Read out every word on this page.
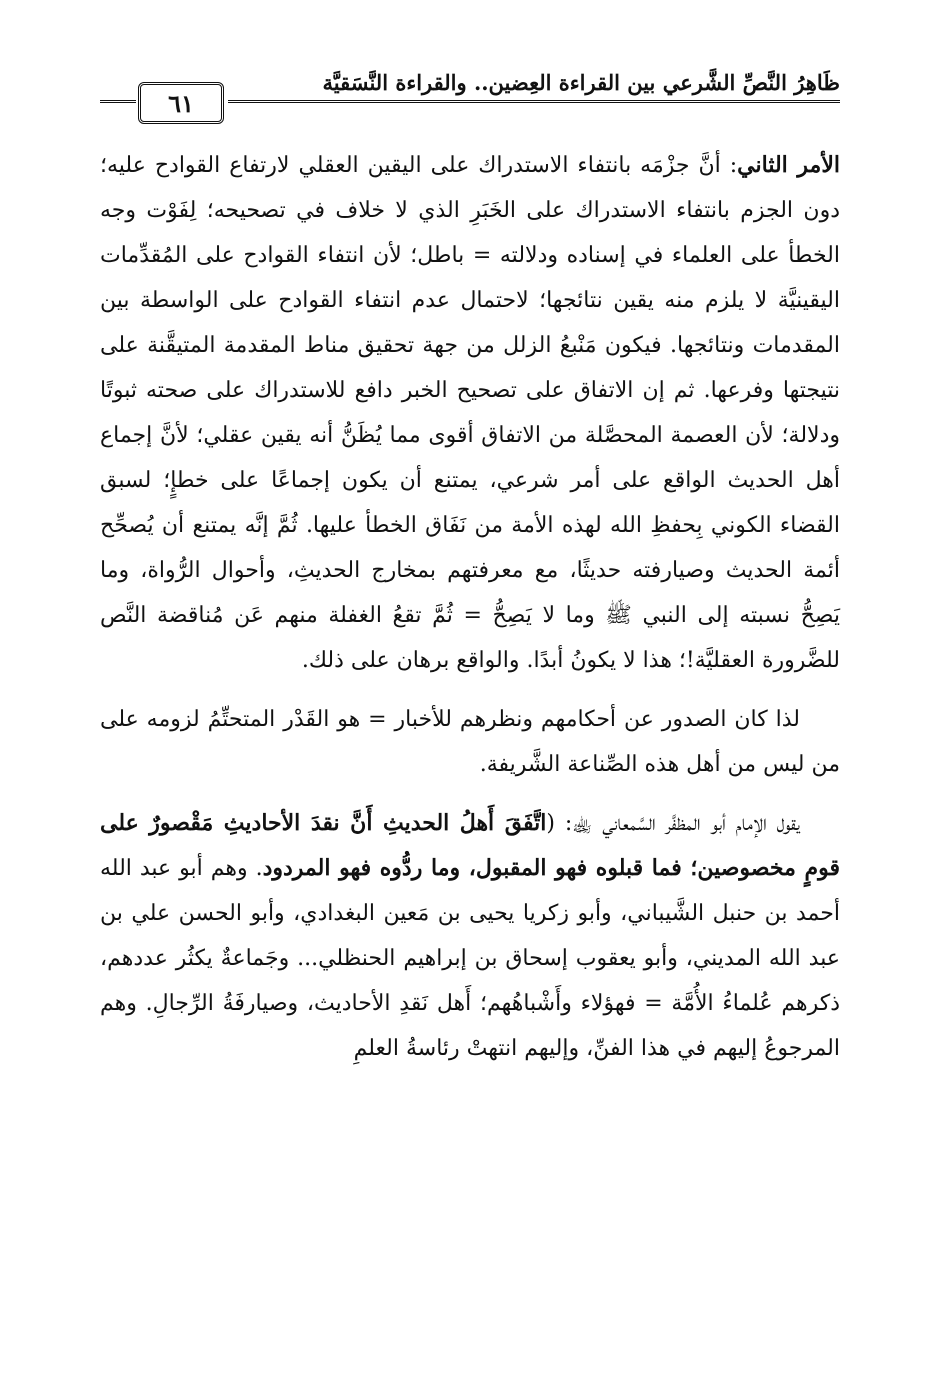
ظَاهِرُ النَّصِّ الشَّرعي بين القراءة العِضين.. والقراءة النَّسَقيَّة
٦١

الأمر الثاني: أنَّ جزْمَه بانتفاء الاستدراك على اليقين العقلي لارتفاع القوادح عليه؛ دون الجزم بانتفاء الاستدراك على الخَبَرِ الذي لا خلاف في تصحيحه؛ لِفَوْت وجه الخطأ على العلماء في إسناده ودلالته = باطل؛ لأن انتفاء القوادح على المُقدِّمات اليقينيَّة لا يلزم منه يقين نتائجها؛ لاحتمال عدم انتفاء القوادح على الواسطة بين المقدمات ونتائجها. فيكون مَنْبعُ الزلل من جهة تحقيق مناط المقدمة المتيقَّنة على نتيجتها وفرعها. ثم إن الاتفاق على تصحيح الخبر دافع للاستدراك على صحته ثبوتًا ودلالة؛ لأن العصمة المحصَّلة من الاتفاق أقوى مما يُظَنُّ أنه يقين عقلي؛ لأنَّ إجماع أهل الحديث الواقع على أمر شرعي، يمتنع أن يكون إجماعًا على خطإٍ؛ لسبق القضاء الكوني بِحفظِ الله لهذه الأمة من نَفَاق الخطأ عليها. ثُمَّ إنَّه يمتنع أن يُصحِّح أئمة الحديث وصيارفته حديثًا، مع معرفتهم بمخارج الحديثِ، وأحوال الرُّواة، وما يَصِحُّ نسبته إلى النبي ﷺ وما لا يَصِحُّ = ثُمَّ تقعُ الغفلة منهم عَن مُناقضة النَّص للضَّرورة العقليَّة!؛ هذا لا يكونُ أبدًا. والواقع برهان على ذلك.

لذا كان الصدور عن أحكامهم ونظرهم للأخبار = هو القَدْر المتحتِّمُ لزومه على من ليس من أهل هذه الصِّناعة الشَّريفة.

يقول الإمام أبو المظفَّر السَّمعاني ﵀: (اتَّفَقَ أَهلُ الحديثِ أَنَّ نقدَ الأحاديثِ مَقْصورٌ على قومٍ مخصوصين؛ فما قبلوه فهو المقبول، وما ردُّوه فهو المردود. وهم أبو عبد الله أحمد بن حنبل الشَّيباني، وأبو زكريا يحيى بن مَعين البغدادي، وأبو الحسن علي بن عبد الله المديني، وأبو يعقوب إسحاق بن إبراهيم الحنظلي... وجَماعةٌ يكثُر عددهم، ذكرهم عُلماءُ الأُمَّة = فهؤلاء وأَشْباهُهم؛ أَهل نَقدِ الأحاديث، وصيارفَةُ الرِّجالِ. وهم المرجوعُ إليهم في هذا الفنِّ، وإليهم انتهتْ رئاسةُ العلمِ
